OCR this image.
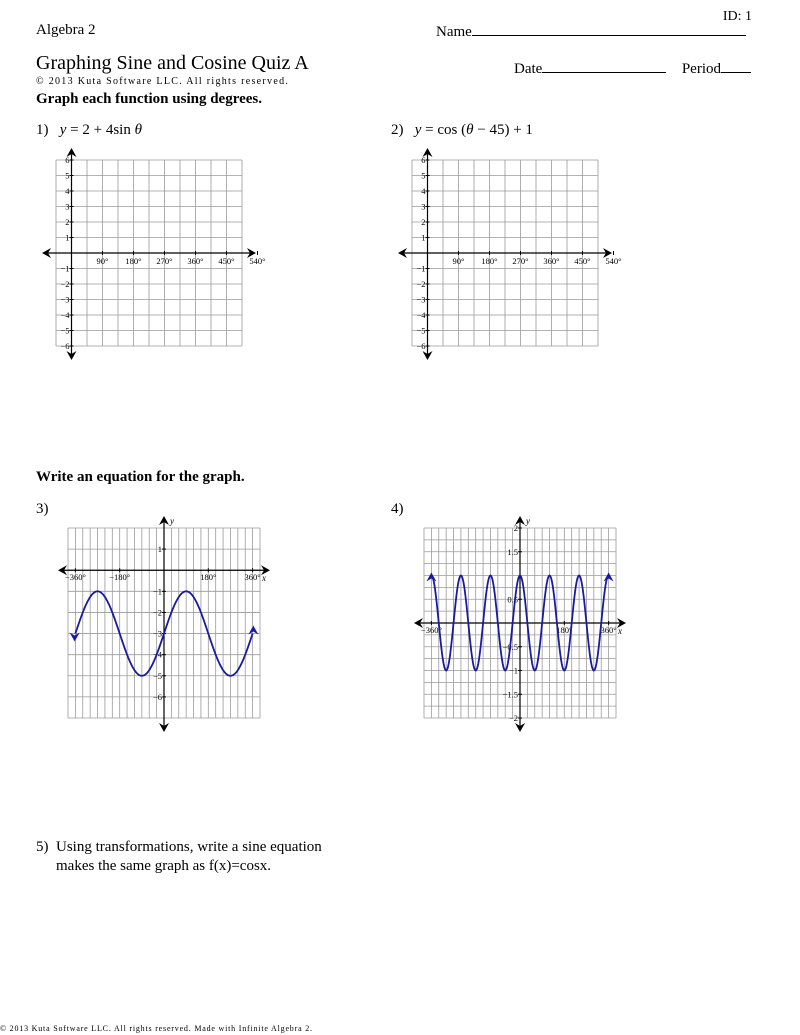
Algebra 2
ID: 1
Name
Graphing Sine and Cosine Quiz A	Date	Period
© 2013 Kuta Software LLC. All rights reserved.
Graph each function using degrees.
1) y = 2 + 4sin θ	2) y = cos (θ − 45) + 1
90° 180° 270° 360° 450° 540°
6
5
4
3
2
1
−1
−2
−3
−4
−5
−6
90° 180° 270° 360° 450° 540°
6
5
4
3
2
1
−1
−2
−3
−4
−5
−6
Write an equation for the graph.
3)	4)
y
x
−360°	−180°	180°	360°
1
−1
−2
−3
−4
−5
−6
y
x
−360°	180°	360°
2
1.5
0.5
−0.5
−1
−1.5
−2
5) Using transformations, write a sine equation
makes the same graph as f(x)=cosx.
© 2013 Kuta Software LLC. All rights reserved. Made with Infinite Algebra 2.
